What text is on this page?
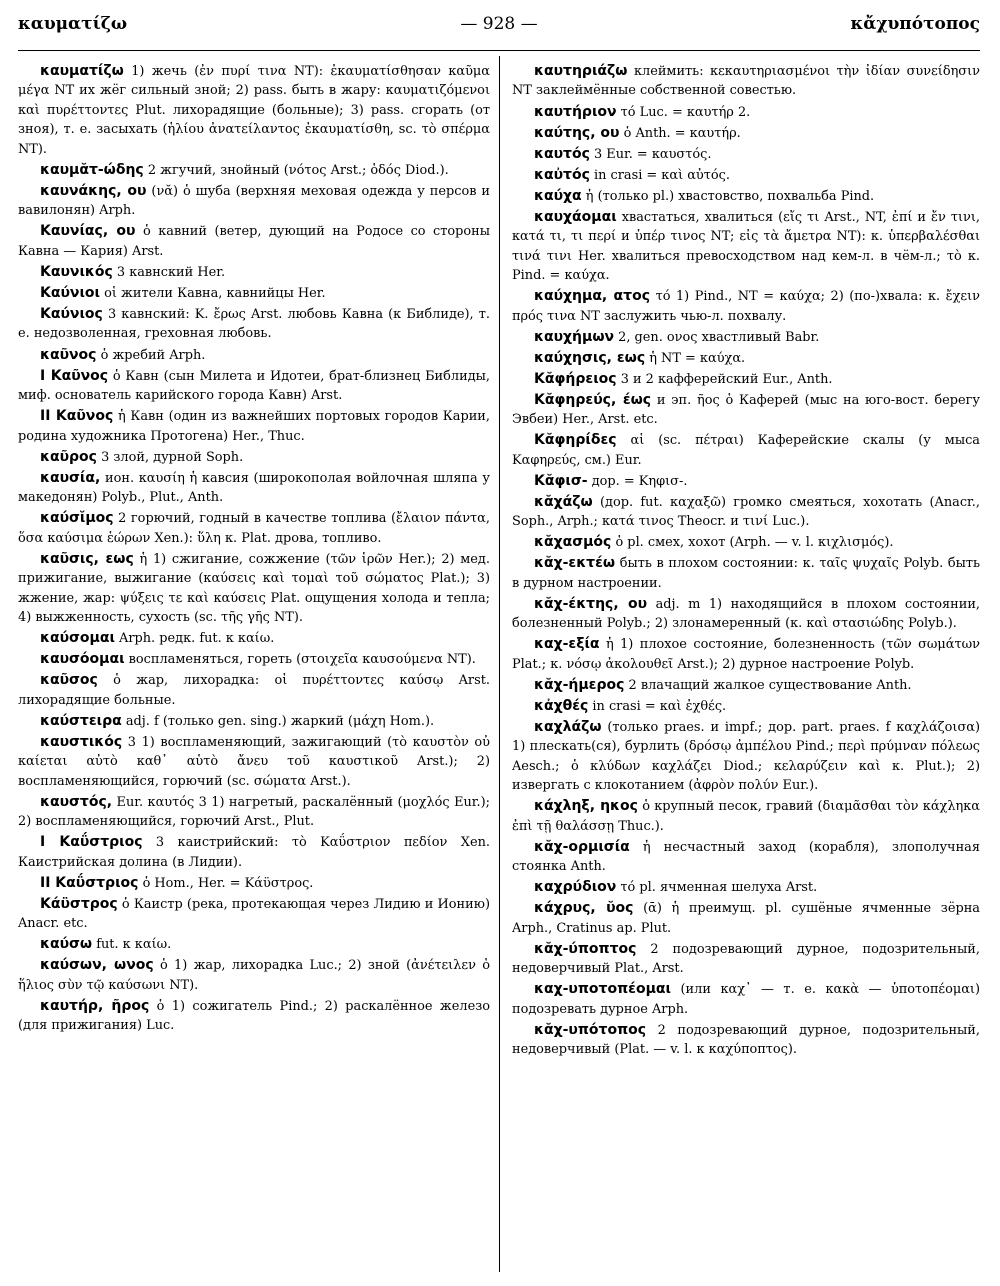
καυματίζω	— 928 —	κἄχυπότοπος

καυματίζω 1) жечь (ἐν πυρί τινα NT): ἐκαυματίσθησαν καῦμα μέγα NT их жёг сильный зной; 2) pass. быть в жару: καυματιζόμενοι καὶ πυρέττοντες Plut. лихорадящие (больные); 3) pass. сгорать (от зноя), т. е. засыхать (ἡλίου ἀνατείλαντος ἐκαυματίσθη, sc. τὸ σπέρμα NT).

καυμᾰτ-ώδης 2 жгучий, знойный (νότος Arst.; ὁδός Diod.).

καυνάκης, ου (νᾰ) ὁ шуба (верхняя меховая одежда у персов и вавилонян) Arph.

Καυνίας, ου ὁ кавний (ветер, дующий на Родосе со стороны Кавна — Кария) Arst.

Καυνικός 3 кавнский Her.

Καύνιοι οἱ жители Кавна, кавнийцы Her.

Καύνιος 3 кавнский: Κ. ἔρως Arst. любовь Кавна (к Библиде), т. е. недозволенная, греховная любовь.

καῦνος ὁ жребий Arph.

I Καῦνος ὁ Кавн (сын Милета и Идотеи, брат-близнец Библиды, миф. основатель карийского города Кавн) Arst.

II Καῦνος ἡ Кавн (один из важнейших портовых городов Карии, родина художника Протогена) Her., Thuc.

καῦρος 3 злой, дурной Soph.

καυσία, ион. καυσίη ἡ кавсия (широкополая войлочная шляпа у македонян) Polyb., Plut., Anth.

καύσῐμος 2 горючий, годный в качестве топлива (ἔλαιον πάντα, ὅσα καύσιμα ἑώρων Xen.): ὕλη κ. Plat. дрова, топливо.

καῦσις, εως ἡ 1) сжигание, сожжение (τῶν ἱρῶν Her.); 2) мед. прижигание, выжигание (καύσεις καὶ τομαὶ τοῦ σώματος Plat.); 3) жжение, жар: ψύξεις τε καὶ καύσεις Plat. ощущения холода и тепла; 4) выжженность, сухость (sc. τῆς γῆς NT).

καύσομαι Arph. редк. fut. к καίω.

καυσόομαι воспламеняться, гореть (στοιχεῖα καυσούμενα NT).

καῦσος ὁ жар, лихорадка: οἱ πυρέττοντες καύσῳ Arst. лихорадящие больные.

καύστειρα adj. f (только gen. sing.) жаркий (μάχη Hom.).

καυστικός 3 1) воспламеняющий, зажигающий (τὸ καυστὸν οὐ καίεται αὐτὸ καθ᾽ αὑτὸ ἄνευ τοῦ καυστικοῦ Arst.); 2) воспламеняющийся, горючий (sc. σώματα Arst.).

καυστός, Eur. καυτός 3 1) нагретый, раскалённый (μοχλός Eur.); 2) воспламеняющийся, горючий Arst., Plut.

I Καΰστριος 3 каистрийский: τὸ Καΰστριον πεδίον Xen. Каистрийская долина (в Лидии).

II Καΰστριος ὁ Hom., Her. = Κάϋστρος.

Κάϋστρος ὁ Каистр (река, протекающая через Лидию и Ионию) Anacr. etc.

καύσω fut. к καίω.

καύσων, ωνος ὁ 1) жар, лихорадка Luc.; 2) зной (ἀνέτειλεν ὁ ἥλιος σὺν τῷ καύσωνι NT).

καυτήρ, ῆρος ὁ 1) сожигатель Pind.; 2) раскалённое железо (для прижигания) Luc.

καυτηριάζω клеймить: κεκαυτηριασμένοι τὴν ἰδίαν συνείδησιν NT заклеймённые собственной совестью.

καυτήριον τό Luc. = καυτήρ 2.

καύτης, ου ὁ Anth. = καυτήρ.

καυτός 3 Eur. = καυστός.

καὐτός in crasi = καὶ αὐτός.

καύχα ἡ (только pl.) хвастовство, похвальба Pind.

καυχάομαι хвастаться, хвалиться (εἴς τι Arst., NT, ἐπί и ἔν τινι, κατά τι, τι περί и ὑπέρ τινος NT; εἰς τὰ ἄμετρα NT): κ. ὑπερβαλέσθαι τινά τινι Her. хвалиться превосходством над кем-л. в чём-л.; τὸ κ. Pind. = καύχα.

καύχημα, ατος τό 1) Pind., NT = καύχα; 2) (по-)хвала: κ. ἔχειν πρός τινα NT заслужить чью-л. похвалу.

καυχήμων 2, gen. ονος хвастливый Babr.

καύχησις, εως ἡ NT = καύχα.

Κᾰφήρειος 3 и 2 кафферейский Eur., Anth.

Κᾰφηρεύς, έως и эп. ῆος ὁ Каферей (мыс на юго-вост. берегу Эвбеи) Her., Arst. etc.

Κᾰφηρίδες αἱ (sc. πέτραι) Каферейские скалы (у мыса Καφηρεύς, см.) Eur.

Κᾰφισ- дор. = Κηφισ-.

κᾰχάζω (дор. fut. καχαξῶ) громко смеяться, хохотать (Anacr., Soph., Arph.; κατά τινος Theocr. и τινί Luc.).

κᾰχασμός ὁ pl. смех, хохот (Arph. — v. l. κιχλισμός).

κᾰχ-εκτέω быть в плохом состоянии: κ. ταῖς ψυχαῖς Polyb. быть в дурном настроении.

κᾰχ-έκτης, ου adj. m 1) находящийся в плохом состоянии, болезненный Polyb.; 2) злонамеренный (κ. καὶ στασιώδης Polyb.).

καχ-εξία ἡ 1) плохое состояние, болезненность (τῶν σωμάτων Plat.; κ. νόσῳ ἀκολουθεῖ Arst.); 2) дурное настроение Polyb.

κᾰχ-ήμερος 2 влачащий жалкое существование Anth.

κἀχθές in crasi = καὶ ἐχθές.

καχλάζω (только praes. и impf.; дор. part. praes. f καχλάζοισα) 1) плескать(ся), бурлить (δρόσῳ ἀμπέλου Pind.; περὶ πρύμναν πόλεως Aesch.; ὁ κλύδων καχλάζει Diod.; κελαρύζειν καὶ κ. Plut.); 2) извергать с клокотанием (ἀφρὸν πολύν Eur.).

κάχληξ, ηκος ὁ крупный песок, гравий (διαμᾶσθαι τὸν κάχληκα ἐπὶ τῇ θαλάσσῃ Thuc.).

κᾰχ-ορμισία ἡ несчастный заход (корабля), злополучная стоянка Anth.

καχρύδιον τό pl. ячменная шелуха Arst.

κάχρυς, ῠος (ᾱ) ἡ преимущ. pl. сушёные ячменные зёрна Arph., Cratinus ap. Plut.

κᾰχ-ύποπτος 2 подозревающий дурное, подозрительный, недоверчивый Plat., Arst.

καχ-υποτοπέομαι (или καχ᾽ — т. е. κακὰ — ὑποτοπέομαι) подозревать дурное Arph.

κᾰχ-υπότοπος 2 подозревающий дурное, подозрительный, недоверчивый (Plat. — v. l. к καχύποπτος).
